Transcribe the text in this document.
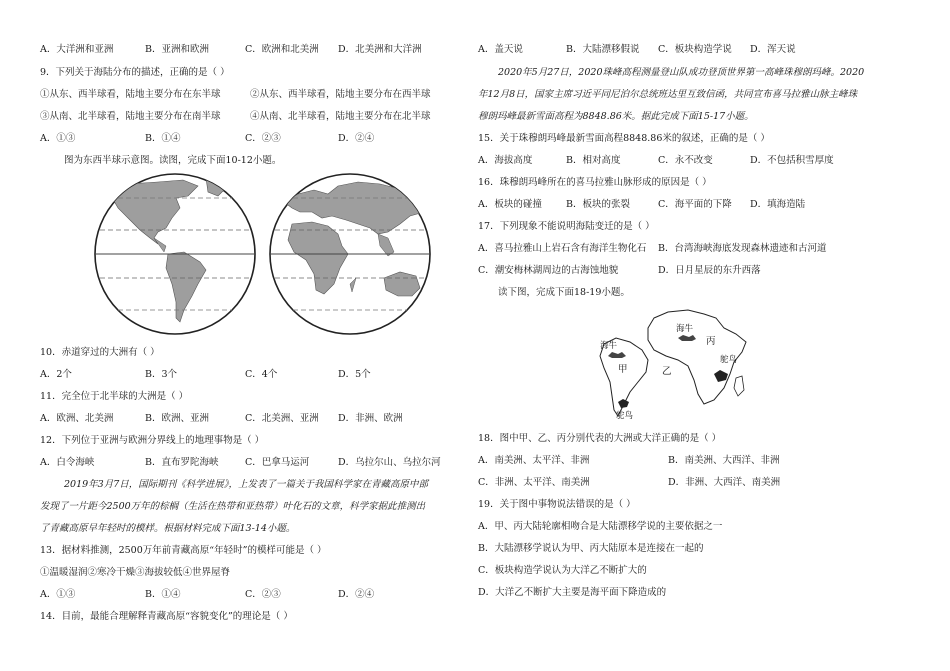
A．大洋洲和亚洲	B．亚洲和欧洲	C．欧洲和北美洲 D．北美洲和大洋洲
9．下列关于海陆分布的描述，正确的是（ ）
①从东、西半球看，陆地主要分布在东半球	②从东、西半球看，陆地主要分布在西半球
③从南、北半球看，陆地主要分布在南半球	④从南、北半球看，陆地主要分布在北半球
A．①③	B．①④	C．②③	D．②④
图为东西半球示意图。读图，完成下面10-12小题。
10．赤道穿过的大洲有（ ）
A．2个	B．3个	C．4个	D．5个
11．完全位于北半球的大洲是（ ）
A．欧洲、北美洲	B．欧洲、亚洲	C．北美洲、亚洲 D．非洲、欧洲
12．下列位于亚洲与欧洲分界线上的地理事物是（ ）
A．白令海峡	B．直布罗陀海峡	C．巴拿马运河	D．乌拉尔山、乌拉尔河
2019年3月7日，国际期刊《科学进展》，上发表了一篇关于我国科学家在青藏高原中部
发现了一片距今2500万年的棕榈（生活在热带和亚热带）叶化石的文章，科学家据此推测出
了青藏高原早年轻时的模样。根据材料完成下面13-14小题。
13．据材料推测，2500万年前青藏高原“年轻时”的模样可能是（ ）
①温暖湿润②寒冷干燥③海拔较低④世界屋脊
A．①③	B．①④	C．②③	D．②④
14．目前，最能合理解释青藏高原“容貌变化”的理论是（ ）
A．盖天说	B．大陆漂移假说 C．板块构造学说 D．浑天说
2020年5月27日，2020珠峰高程测量登山队成功登顶世界第一高峰珠穆朗玛峰。2020
年12月8日，国家主席习近平同尼泊尔总统班达里互致信函，共同宣布喜马拉雅山脉主峰珠
穆朗玛峰最新雪面高程为8848.86米。据此完成下面15-17小题。
15．关于珠穆朗玛峰最新雪面高程8848.86米的叙述，正确的是（ ）
A．海拔高度	B．相对高度	C．永不改变	D．不包括积雪厚度
16．珠穆朗玛峰所在的喜马拉雅山脉形成的原因是（ ）
A．板块的碰撞	B．板块的张裂	C．海平面的下降 D．填海造陆
17．下列现象不能说明海陆变迁的是（ ）
A．喜马拉雅山上岩石含有海洋生物化石 B．台湾海峡海底发现森林遗迹和古河道
C．潮安梅林湖周边的古海蚀地貌	D．日月星辰的东升西落
读下图，完成下面18-19小题。
海牛
海牛	丙
乙
甲
鸵鸟
鸵鸟
18．图中甲、乙、丙分别代表的大洲或大洋正确的是（ ）
A．南美洲、太平洋、非洲	B．南美洲、大西洋、非洲
C．非洲、太平洋、南美洲	D．非洲、大西洋、南美洲
19．关于图中事物说法错误的是（ ）
A．甲、丙大陆轮廓相吻合是大陆漂移学说的主要依据之一
B．大陆漂移学说认为甲、丙大陆原本是连接在一起的
C．板块构造学说认为大洋乙不断扩大的
D．大洋乙不断扩大主要是海平面下降造成的
